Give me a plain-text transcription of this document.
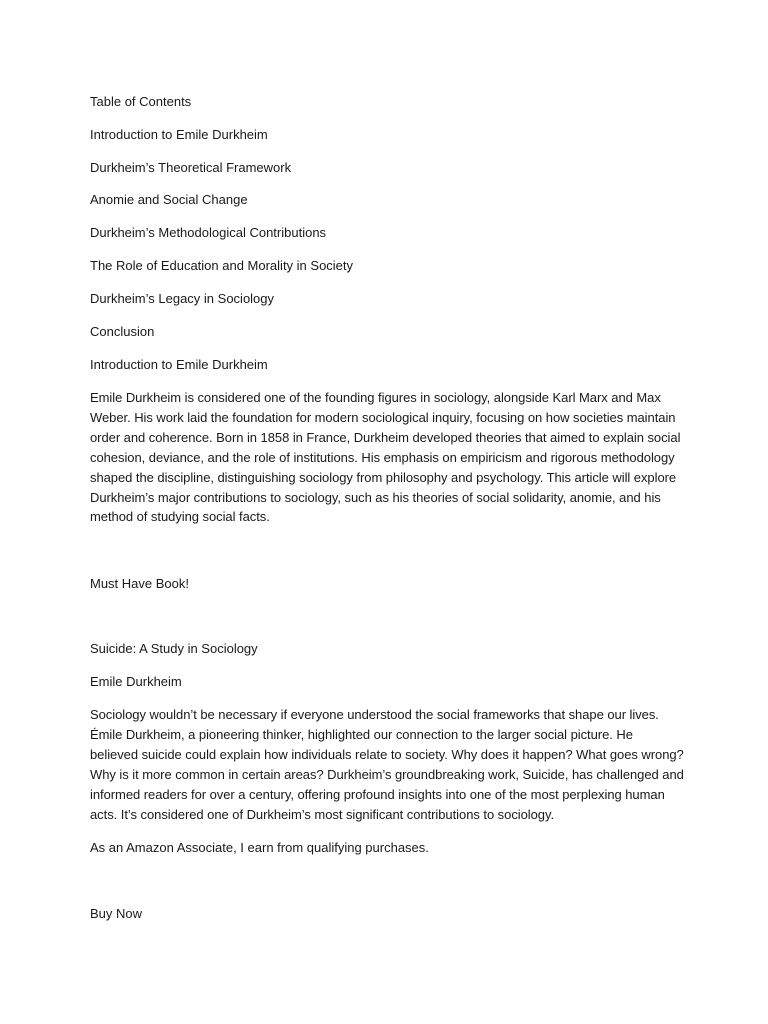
Table of Contents
Introduction to Emile Durkheim
Durkheim’s Theoretical Framework
Anomie and Social Change
Durkheim’s Methodological Contributions
The Role of Education and Morality in Society
Durkheim’s Legacy in Sociology
Conclusion
Introduction to Emile Durkheim
Emile Durkheim is considered one of the founding figures in sociology, alongside Karl Marx and Max
Weber. His work laid the foundation for modern sociological inquiry, focusing on how societies maintain
order and coherence. Born in 1858 in France, Durkheim developed theories that aimed to explain social
cohesion, deviance, and the role of institutions. His emphasis on empiricism and rigorous methodology
shaped the discipline, distinguishing sociology from philosophy and psychology. This article will explore
Durkheim’s major contributions to sociology, such as his theories of social solidarity, anomie, and his
method of studying social facts.
Must Have Book!
Suicide: A Study in Sociology
Emile Durkheim
Sociology wouldn’t be necessary if everyone understood the social frameworks that shape our lives.
Émile Durkheim, a pioneering thinker, highlighted our connection to the larger social picture. He
believed suicide could explain how individuals relate to society. Why does it happen? What goes wrong?
Why is it more common in certain areas? Durkheim’s groundbreaking work, Suicide, has challenged and
informed readers for over a century, offering profound insights into one of the most perplexing human
acts. It’s considered one of Durkheim’s most significant contributions to sociology.
As an Amazon Associate, I earn from qualifying purchases.
Buy Now
